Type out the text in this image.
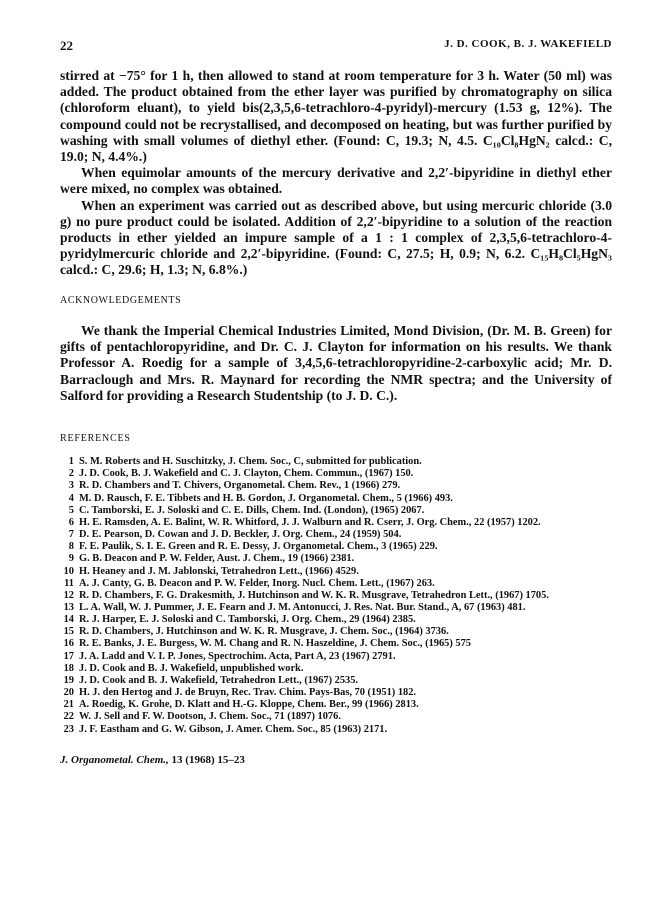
22	J. D. COOK, B. J. WAKEFIELD

stirred at −75° for 1 h, then allowed to stand at room temperature for 3 h. Water (50 ml) was added. The product obtained from the ether layer was purified by chromatography on silica (chloroform eluant), to yield bis(2,3,5,6-tetrachloro-4-pyridyl)-mercury (1.53 g, 12%). The compound could not be recrystallised, and decomposed on heating, but was further purified by washing with small volumes of diethyl ether. (Found: C, 19.3; N, 4.5. C₁₀Cl₈HgN₂ calcd.: C, 19.0; N, 4.4%.)

When equimolar amounts of the mercury derivative and 2,2′-bipyridine in diethyl ether were mixed, no complex was obtained.

When an experiment was carried out as described above, but using mercuric chloride (3.0 g) no pure product could be isolated. Addition of 2,2′-bipyridine to a solution of the reaction products in ether yielded an impure sample of a 1 : 1 complex of 2,3,5,6-tetrachloro-4-pyridylmercuric chloride and 2,2′-bipyridine. (Found: C, 27.5; H, 0.9; N, 6.2. C₁₅H₈Cl₅HgN₃ calcd.: C, 29.6; H, 1.3; N, 6.8%.)

ACKNOWLEDGEMENTS

We thank the Imperial Chemical Industries Limited, Mond Division, (Dr. M. B. Green) for gifts of pentachloropyridine, and Dr. C. J. Clayton for information on his results. We thank Professor A. Roedig for a sample of 3,4,5,6-tetrachloropyridine-2-carboxylic acid; Mr. D. Barraclough and Mrs. R. Maynard for recording the NMR spectra; and the University of Salford for providing a Research Studentship (to J. D. C.).

REFERENCES
1 S. M. Roberts and H. Suschitzky, J. Chem. Soc., C, submitted for publication.
2 J. D. Cook, B. J. Wakefield and C. J. Clayton, Chem. Commun., (1967) 150.
3 R. D. Chambers and T. Chivers, Organometal. Chem. Rev., 1 (1966) 279.
4 M. D. Rausch, F. E. Tibbets and H. B. Gordon, J. Organometal. Chem., 5 (1966) 493.
5 C. Tamborski, E. J. Soloski and C. E. Dills, Chem. Ind. (London), (1965) 2067.
6 H. E. Ramsden, A. E. Balint, W. R. Whitford, J. J. Walburn and R. Cserr, J. Org. Chem., 22 (1957) 1202.
7 D. E. Pearson, D. Cowan and J. D. Beckler, J. Org. Chem., 24 (1959) 504.
8 F. E. Paulik, S. I. E. Green and R. E. Dessy, J. Organometal. Chem., 3 (1965) 229.
9 G. B. Deacon and P. W. Felder, Aust. J. Chem., 19 (1966) 2381.
10 H. Heaney and J. M. Jablonski, Tetrahedron Lett., (1966) 4529.
11 A. J. Canty, G. B. Deacon and P. W. Felder, Inorg. Nucl. Chem. Lett., (1967) 263.
12 R. D. Chambers, F. G. Drakesmith, J. Hutchinson and W. K. R. Musgrave, Tetrahedron Lett., (1967) 1705.
13 L. A. Wall, W. J. Pummer, J. E. Fearn and J. M. Antonucci, J. Res. Nat. Bur. Stand., A, 67 (1963) 481.
14 R. J. Harper, E. J. Soloski and C. Tamborski, J. Org. Chem., 29 (1964) 2385.
15 R. D. Chambers, J. Hutchinson and W. K. R. Musgrave, J. Chem. Soc., (1964) 3736.
16 R. E. Banks, J. E. Burgess, W. M. Chang and R. N. Haszeldine, J. Chem. Soc., (1965) 575
17 J. A. Ladd and V. I. P. Jones, Spectrochim. Acta, Part A, 23 (1967) 2791.
18 J. D. Cook and B. J. Wakefield, unpublished work.
19 J. D. Cook and B. J. Wakefield, Tetrahedron Lett., (1967) 2535.
20 H. J. den Hertog and J. de Bruyn, Rec. Trav. Chim. Pays-Bas, 70 (1951) 182.
21 A. Roedig, K. Grohe, D. Klatt and H.-G. Kloppe, Chem. Ber., 99 (1966) 2813.
22 W. J. Sell and F. W. Dootson, J. Chem. Soc., 71 (1897) 1076.
23 J. F. Eastham and G. W. Gibson, J. Amer. Chem. Soc., 85 (1963) 2171.
J. Organometal. Chem., 13 (1968) 15–23
